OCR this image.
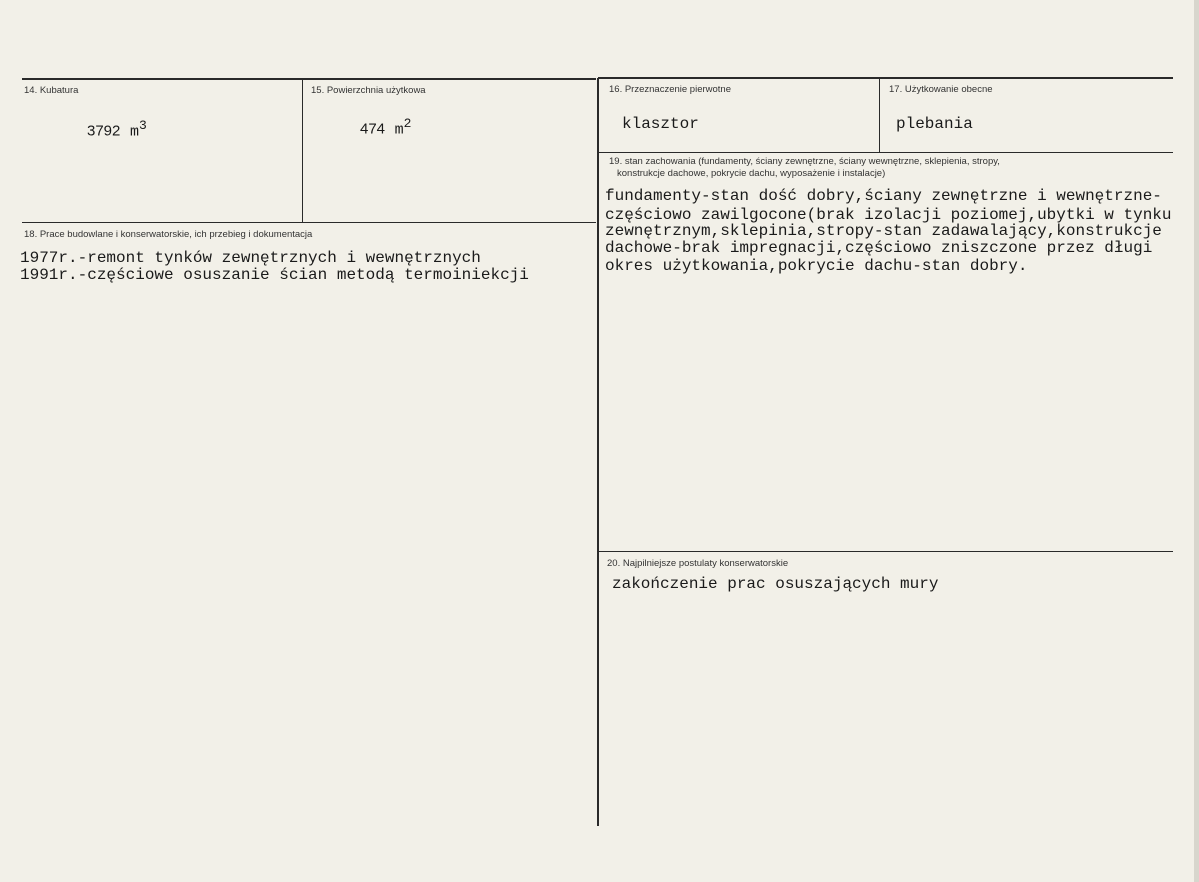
14. Kubatura
3792 $m^3$
15. Powierzchnia użytkowa
474 $m^2$
16. Przeznaczenie pierwotne
klasztor
17. Użytkowanie obecne
plebania
18. Prace budowlane i konserwatorskie, ich przebieg i dokumentacja
1977r.-remont tynków zewnętrznych i wewnętrznych
1991r.-częściowe osuszanie ścian metodą termoiniekcji
19. stan zachowania (fundamenty, ściany zewnętrzne, ściany wewnętrzne, sklepienia, stropy,
konstrukcje dachowe, pokrycie dachu, wyposażenie i instalacje)
fundamenty-stan dość dobry,ściany zewnętrzne i wewnętrzne-
częściowo zawilgocone(brak izolacji poziomej,ubytki w tynku
zewnętrznym,sklepinia,stropy-stan zadawalający,konstrukcje
dachowe-brak impregnacji,częściowo zniszczone przez długi
okres użytkowania,pokrycie dachu-stan dobry.
20. Najpilniejsze postulaty konserwatorskie
zakończenie prac osuszających mury
